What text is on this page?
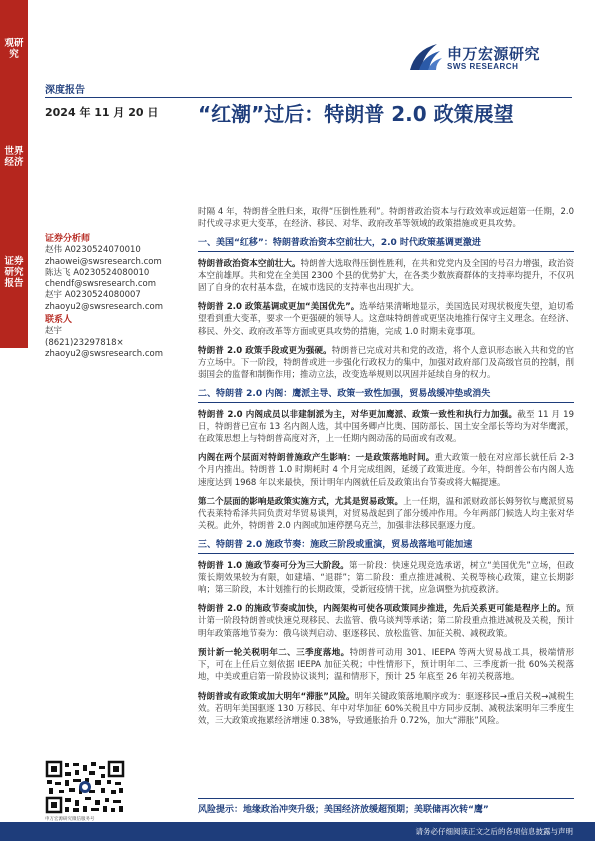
观研究
世界经济
证券研究报告
申万宏源研究
SWS RESEARCH
深度报告
2024 年 11 月 20 日 “红潮”过后：特朗普 2.0 政策展望
证券分析师
赵伟 A0230524070010
zhaowei@swsresearch.com
陈达飞 A0230524080010
chendf@swsresearch.com
赵宇 A0230524080007
zhaoyu2@swsresearch.com
联系人
赵宇
(8621)23297818×
zhaoyu2@swsresearch.com
申万宏源研究微信服务号

时隔 4 年，特朗普全胜归来，取得“压倒性胜利”。特朗普政治资本与行政效率或远超第一任期，2.0 时代或寻求更大变革，在经济、移民、对华、政府改革等领域的政策措施或更具攻势。

一、美国“红移”：特朗普政治资本空前壮大，2.0 时代政策基调更激进

特朗普政治资本空前壮大。特朗普大选取得压倒性胜利，在共和党党内及全国的号召力增强，政治资本空前雄厚。共和党在全美国 2300 个县的优势扩大，在各类少数族裔群体的支持率均提升，不仅巩固了自身的农村基本盘，在城市选民的支持率也出现扩大。

特朗普 2.0 政策基调或更加“美国优先”。选举结果清晰地显示，美国选民对现状极度失望，迫切希望看到重大变革，要求一个更强硬的领导人。这意味特朗普或更坚决地推行保守主义理念。在经济、移民、外交、政府改革等方面或更具攻势的措施，完成 1.0 时期未竟事项。

特朗普 2.0 政策手段或更为强硬。特朗普已完成对共和党的改造，将个人意识形态嵌入共和党的官方立场中。下一阶段，特朗普或进一步强化行政权力的集中，加强对政府部门及高级官员的控制，削弱国会的监督和制衡作用；推动立法，改变选举规则以巩固并延续自身的权力。

二、特朗普 2.0 内阁：鹰派主导、政策一致性加强，贸易战缓冲垫或消失

特朗普 2.0 内阁成员以非建制派为主，对华更加鹰派、政策一致性和执行力加强。截至 11 月 19 日，特朗普已宣布 13 名内阁人选，其中国务卿卢比奥、国防部长、国土安全部长等均为对华鹰派，在政策思想上与特朗普高度对齐，上一任期内阁动荡的局面或有改观。

内阁在两个层面对特朗普施政产生影响：一是政策落地时间。重大政策一般在对应部长就任后 2-3 个月内推出。特朗普 1.0 时期耗时 4 个月完成组阁，延缓了政策进度。今年，特朗普公布内阁人选速度达到 1968 年以来最快，预计明年内阁就任后及政策出台节奏或将大幅提速。

第二个层面的影响是政策实施方式，尤其是贸易政策。上一任期，温和派财政部长姆努钦与鹰派贸易代表莱特希泽共同负责对华贸易谈判，对贸易战起到了部分缓冲作用。今年两部门候选人均主张对华关税。此外，特朗普 2.0 内阁或加速停摆乌克兰，加强非法移民驱逐力度。

三、特朗普 2.0 施政节奏：施政三阶段或重演，贸易战落地可能加速

特朗普 1.0 施政节奏可分为三大阶段。第一阶段：快速兑现竞选承诺，树立“美国优先”立场，但政策长期效果较为有限，如建墙、“退群”；第二阶段：重点推进减税、关税等核心政策，建立长期影响；第三阶段，本计划推行的长期政策，受新冠疫情干扰，应急调整为抗疫救济。

特朗普 2.0 的施政节奏或加快，内阁架构可使各项政策同步推进，先后关系更可能是程序上的。预计第一阶段特朗普或快速兑现移民、去监管、俄乌谈判等承诺；第二阶段重点推进减税及关税，预计明年政策落地节奏为：俄乌谈判启动、驱逐移民、放松监管、加征关税、减税政策。

预计新一轮关税明年二、三季度落地。特朗普可动用 301、IEEPA 等两大贸易战工具，极端情形下，可在上任后立刻依据 IEEPA 加征关税；中性情形下，预计明年二、三季度新一批 60%关税落地，中美或重启第一阶段协议谈判；温和情形下，预计 25 年底至 26 年初关税落地。

特朗普或有政策或加大明年“滞胀”风险。明年关键政策落地顺序或为：驱逐移民→重启关税→减税生效。若明年美国驱逐 130 万移民、年中对华加征 60%关税且中方同步反制、减税法案明年三季度生效，三大政策或拖累经济增速 0.38%，导致通胀抬升 0.72%，加大“滞胀”风险。

风险提示：地缘政治冲突升级；美国经济放缓超预期；美联储再次转“鹰”
请务必仔细阅读正文之后的各项信息披露与声明
